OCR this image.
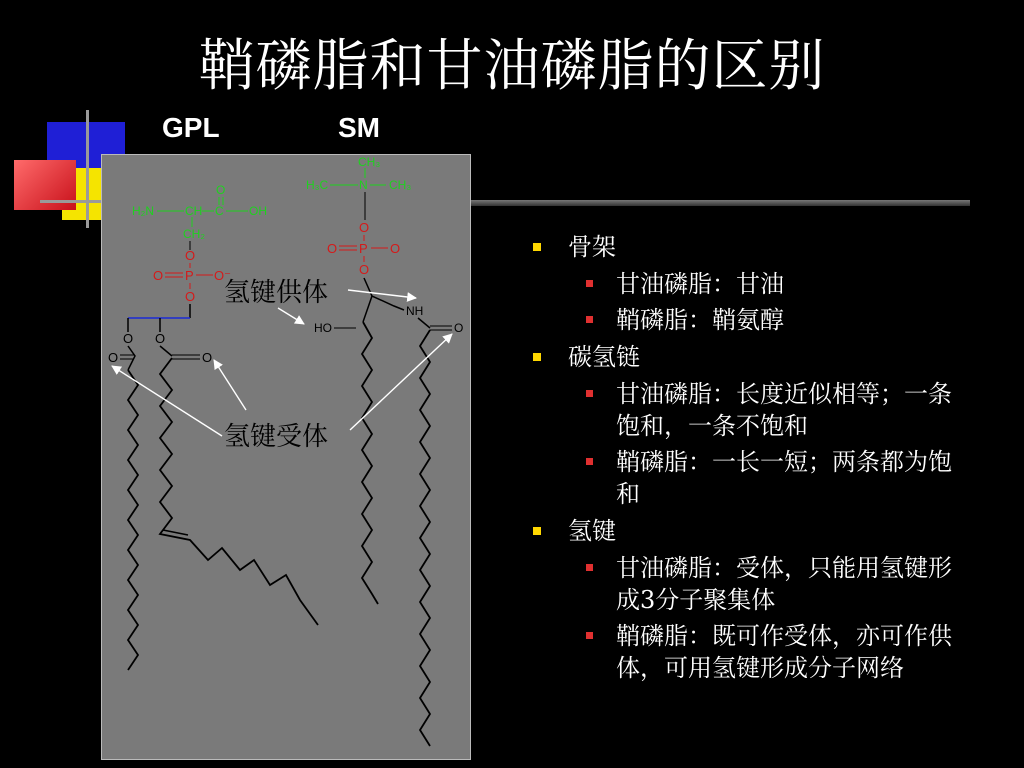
鞘磷脂和甘油磷脂的区别
GPL	SM
H₂N	CH C OH
O
CH₂
O
P
O	O⁻
O
O O
O	O
CH₃
H₃C	N CH₃
O
P
O	O
O
NH
HO	O
氢键供体
氢键受体
骨架
甘油磷脂：甘油
鞘磷脂：鞘氨醇
碳氢链
甘油磷脂：长度近似相等；一条饱和，一条不饱和
鞘磷脂：一长一短；两条都为饱和
氢键
甘油磷脂：受体，只能用氢键形成3分子聚集体
鞘磷脂：既可作受体，亦可作供体，可用氢键形成分子网络
